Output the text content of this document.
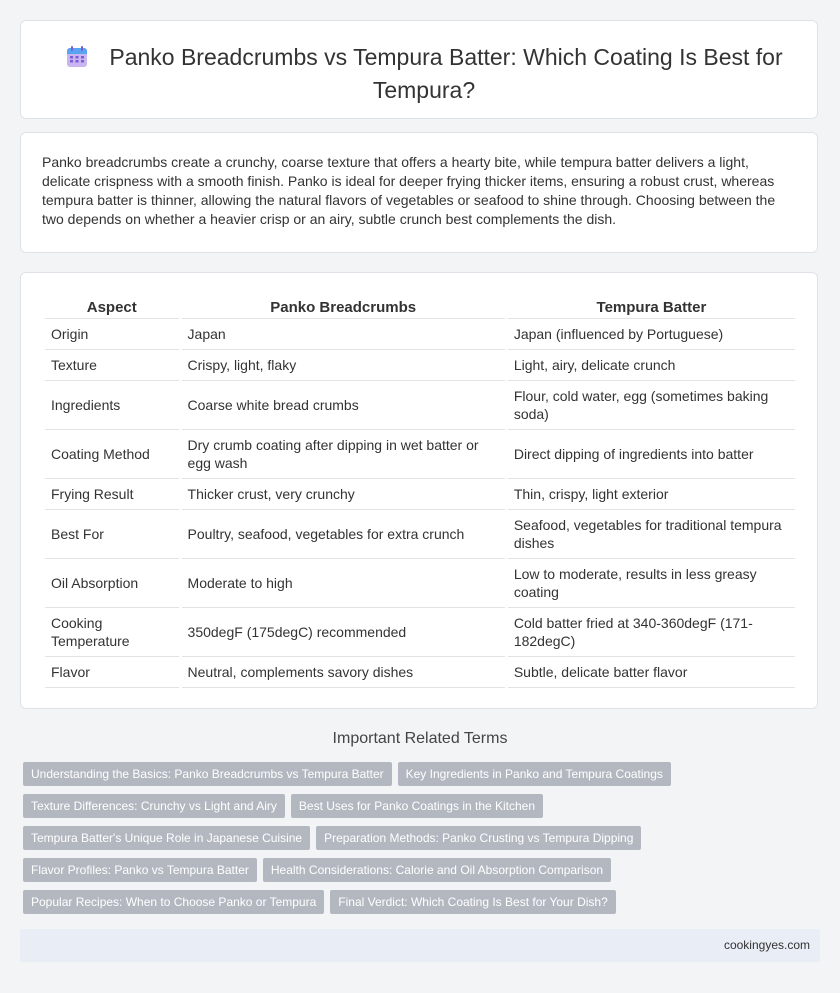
Panko Breadcrumbs vs Tempura Batter: Which Coating Is Best for Tempura?
Panko breadcrumbs create a crunchy, coarse texture that offers a hearty bite, while tempura batter delivers a light, delicate crispness with a smooth finish. Panko is ideal for deeper frying thicker items, ensuring a robust crust, whereas tempura batter is thinner, allowing the natural flavors of vegetables or seafood to shine through. Choosing between the two depends on whether a heavier crisp or an airy, subtle crunch best complements the dish.
Aspect	Panko Breadcrumbs	Tempura Batter
Origin	Japan	Japan (influenced by Portuguese)
Texture	Crispy, light, flaky	Light, airy, delicate crunch
Ingredients	Coarse white bread crumbs	Flour, cold water, egg (sometimes baking soda)
Coating Method	Dry crumb coating after dipping in wet batter or egg wash	Direct dipping of ingredients into batter
Frying Result	Thicker crust, very crunchy	Thin, crispy, light exterior
Best For	Poultry, seafood, vegetables for extra crunch	Seafood, vegetables for traditional tempura dishes
Oil Absorption	Moderate to high	Low to moderate, results in less greasy coating
Cooking Temperature	350degF (175degC) recommended	Cold batter fried at 340-360degF (171-182degC)
Flavor	Neutral, complements savory dishes	Subtle, delicate batter flavor
Important Related Terms
Understanding the Basics: Panko Breadcrumbs vs Tempura Batter Key Ingredients in Panko and Tempura Coatings
Texture Differences: Crunchy vs Light and Airy Best Uses for Panko Coatings in the Kitchen
Tempura Batter's Unique Role in Japanese Cuisine Preparation Methods: Panko Crusting vs Tempura Dipping
Flavor Profiles: Panko vs Tempura Batter Health Considerations: Calorie and Oil Absorption Comparison
Popular Recipes: When to Choose Panko or Tempura Final Verdict: Which Coating Is Best for Your Dish?
cookingyes.com
